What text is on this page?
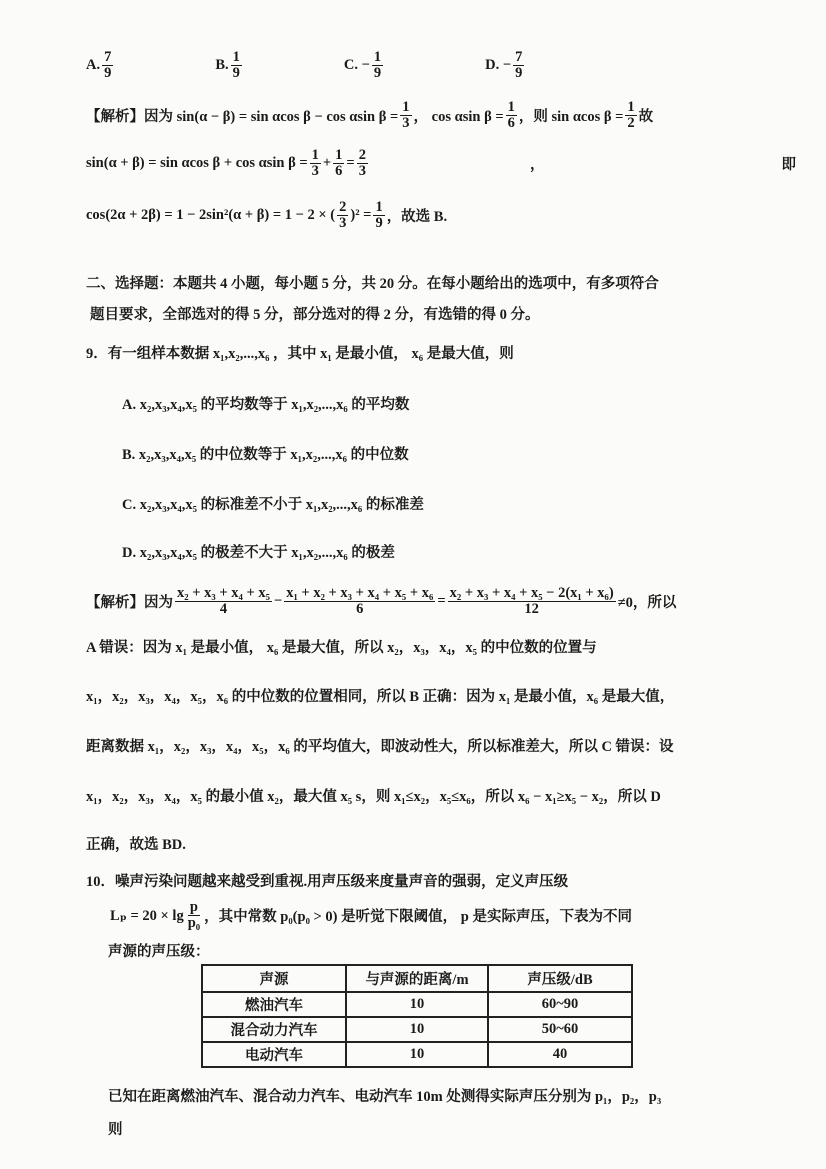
A. $\frac{7}{9}$	B. $\frac{1}{9}$	C. − $\frac{1}{9}$	D. − $\frac{7}{9}$
【解析】因为 sin(α − β) = sin αcos β − cos αsin $\beta = \frac{1}{3}$ ， cos αsin $\beta = \frac{1}{6}$ ，则 sin αcos $\beta = \frac{1}{2}$ 故
sin(α + β) = sin αcos β + cos αsin $\beta = \frac{1}{3} + \frac{1}{6} = \frac{2}{3}$	， 即
cos(2α + 2β) = 1 − 2sin²(α + β) = 1 − 2 × ( $\frac{2}{3} )^2 = \frac{1}{9}$ ，故选 B.
二、选择题：本题共 4 小题，每小题 5 分，共 20 分。在每小题给出的选项中，有多项符合
题目要求，全部选对的得 5 分，部分选对的得 2 分，有选错的得 0 分。
9．有一组样本数据 x₁,x₂,...,x₆ ，其中 x₁ 是最小值， x₆ 是最大值，则
A. x₂,x₃,x₄,x₅ 的平均数等于 x₁,x₂,...,x₆ 的平均数
B. x₂,x₃,x₄,x₅ 的中位数等于 x₁,x₂,...,x₆ 的中位数
C. x₂,x₃,x₄,x₅ 的标准差不小于 x₁,x₂,...,x₆ 的标准差
D. x₂,x₃,x₄,x₅ 的极差不大于 x₁,x₂,...,x₆ 的极差
【解析】因为 $\frac{\text{x₂ + x₃ + x₄ + x₅}}{4} - \frac{\text{x₁ + x₂ + x₃ + x₄ + x₅ + x₆}}{6} = \frac{\text{x₂ + x₃ + x₄ + x₅ − 2(x₁ + x₆)}}{12} \ne 0$，所以
A 错误：因为 x₁ 是最小值， x₆ 是最大值，所以 x₂，x₃，x₄，x₅ 的中位数的位置与
x₁，x₂，x₃，x₄，x₅，x₆ 的中位数的位置相同，所以 B 正确：因为 x₁ 是最小值，x₆ 是最大值，
距离数据 x₁，x₂，x₃，x₄，x₅，x₆ 的平均值大，即波动性大，所以标准差大，所以 C 错误：设
x₁，x₂，x₃，x₄，x₅ 的最小值 x₂，最大值 x₅ s，则 x₁≤x₂，x₅≤x₆，所以 x₆ − x₁≥x₅ − x₂，所以 D
正确，故选 BD.
10．噪声污染问题越来越受到重视.用声压级来度量声音的强弱，定义声压级
$L_p = 20 \times \lg \frac{p}{\text{p₀}}$ ，其中常数 p₀(p₀ > 0) 是听觉下限阈值， p 是实际声压，下表为不同
声源的声压级：
已知在距离燃油汽车、混合动力汽车、电动汽车 10m 处测得实际声压分别为 p₁，p₂，p₃
则
声源	与声源的距离/m	声压级/dB
燃油汽车	10	60~90
混合动力汽车	10	50~60
电动汽车	10	40
